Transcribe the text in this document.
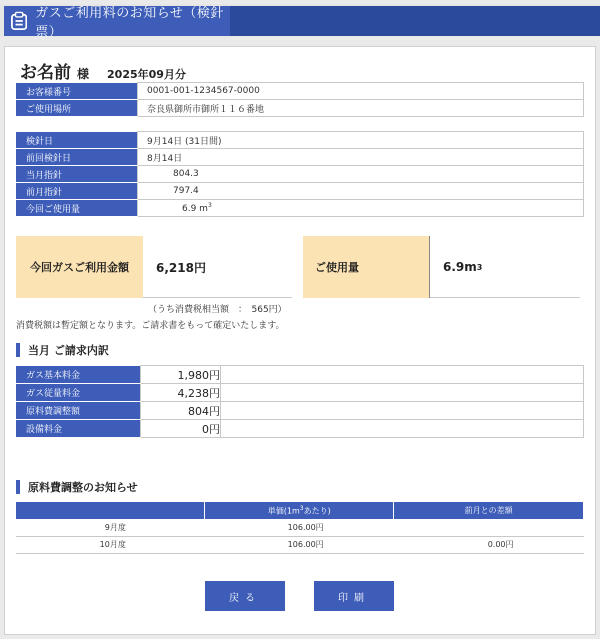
ガスご利用料のお知らせ（検針票）
お名前 様 2025年09月分
お客様番号	0001-001-1234567-0000
ご使用場所	奈良県御所市御所１１６番地
検針日	9月14日 (31日間)
前回検針日	8月14日
当月指針	804.3
前月指針	797.4
今回ご使用量	6.9 $m^3$
今回ガスご利用金額	6,218円	ご使用量	6.9m 3
（うち消費税相当額　：　565円）
消費税額は暫定額となります。ご請求書をもって確定いたします。
当月 ご請求内訳
ガス基本料金	1,980円	
ガス従量料金	4,238円	
原料費調整額	804円	
設備料金	0円	
原料費調整のお知らせ
	単価($1m^3$あたり)	前月との差額
9月度	106.00円	
10月度	106.00円	0.00円
戻る	印刷
